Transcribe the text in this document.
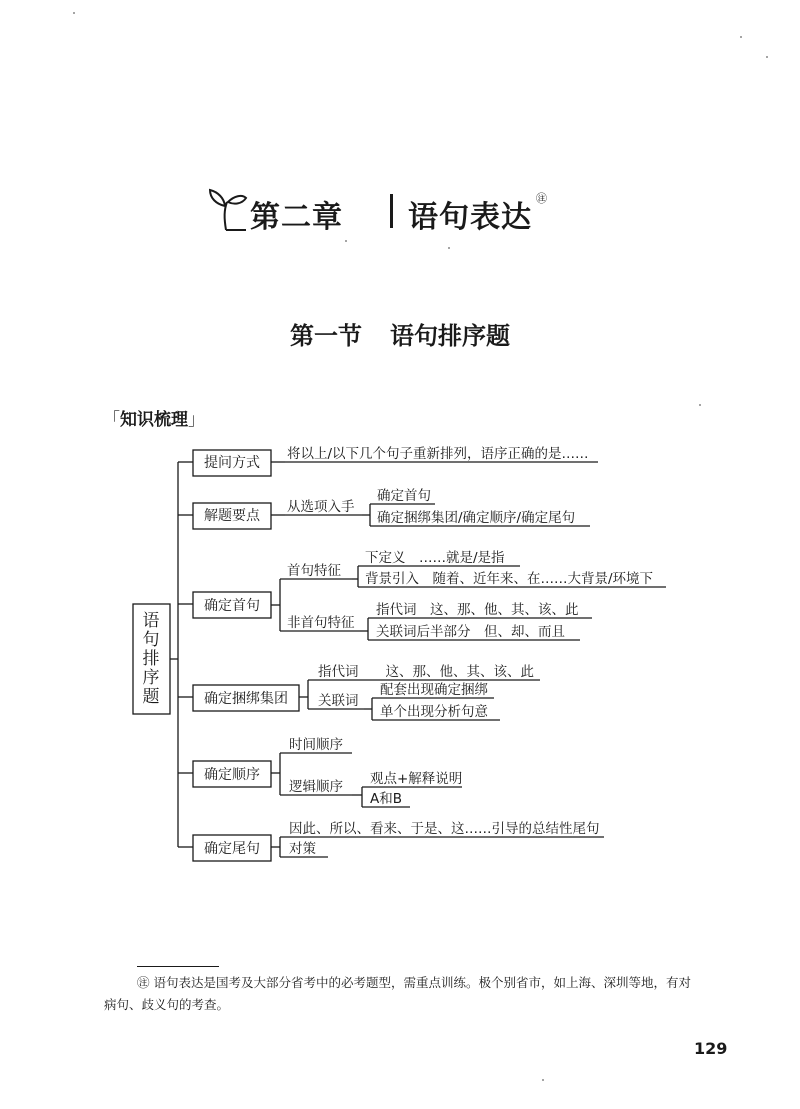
第二章 语句表达
㊟
第一节 语句排序题
「知识梳理」
语
句
排
序
题
提问方式
解题要点
确定首句
确定捆绑集团
确定顺序
确定尾句
将以上/以下几个句子重新排列，语序正确的是……
从选项入手
确定首句
确定捆绑集团/确定顺序/确定尾句
首句特征
下定义　……就是/是指
背景引入　随着、近年来、在……大背景/环境下
非首句特征
指代词　这、那、他、其、该、此
关联词后半部分　但、却、而且
指代词　　这、那、他、其、该、此
关联词
配套出现确定捆绑
单个出现分析句意
时间顺序
逻辑顺序 观点+解释说明
A和B
因此、所以、看来、于是、这……引导的总结性尾句
对策
㊟ 语句表达是国考及大部分省考中的必考题型，需重点训练。极个别省市，如上海、深圳等地，有对病句、歧义句的考查。
129
